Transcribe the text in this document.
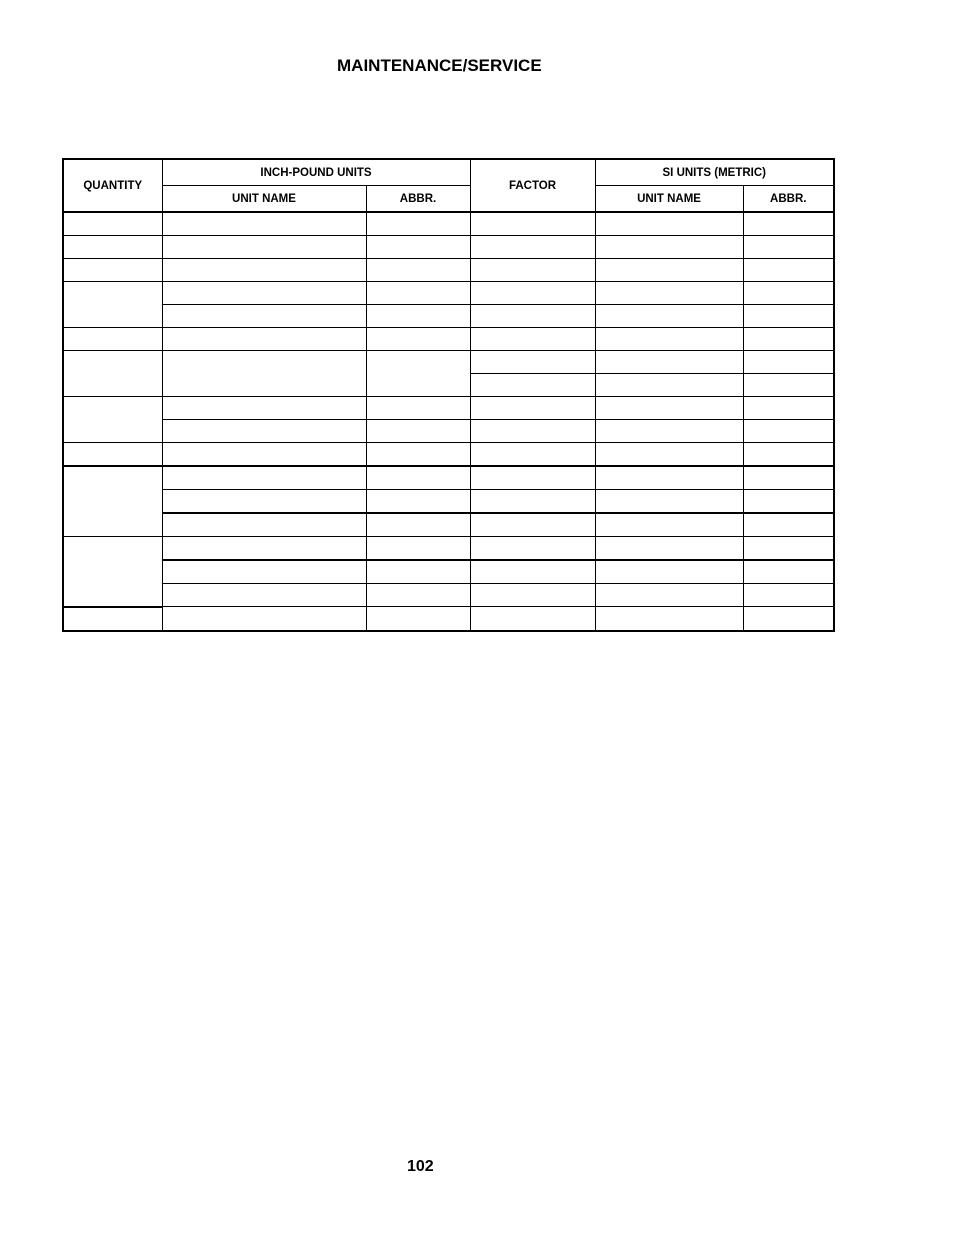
MAINTENANCE/SERVICE
QUANTITY	INCH-POUND UNITS		FACTOR	SI UNITS (METRIC)	
	UNIT NAME	ABBR.		UNIT NAME	ABBR.

102
